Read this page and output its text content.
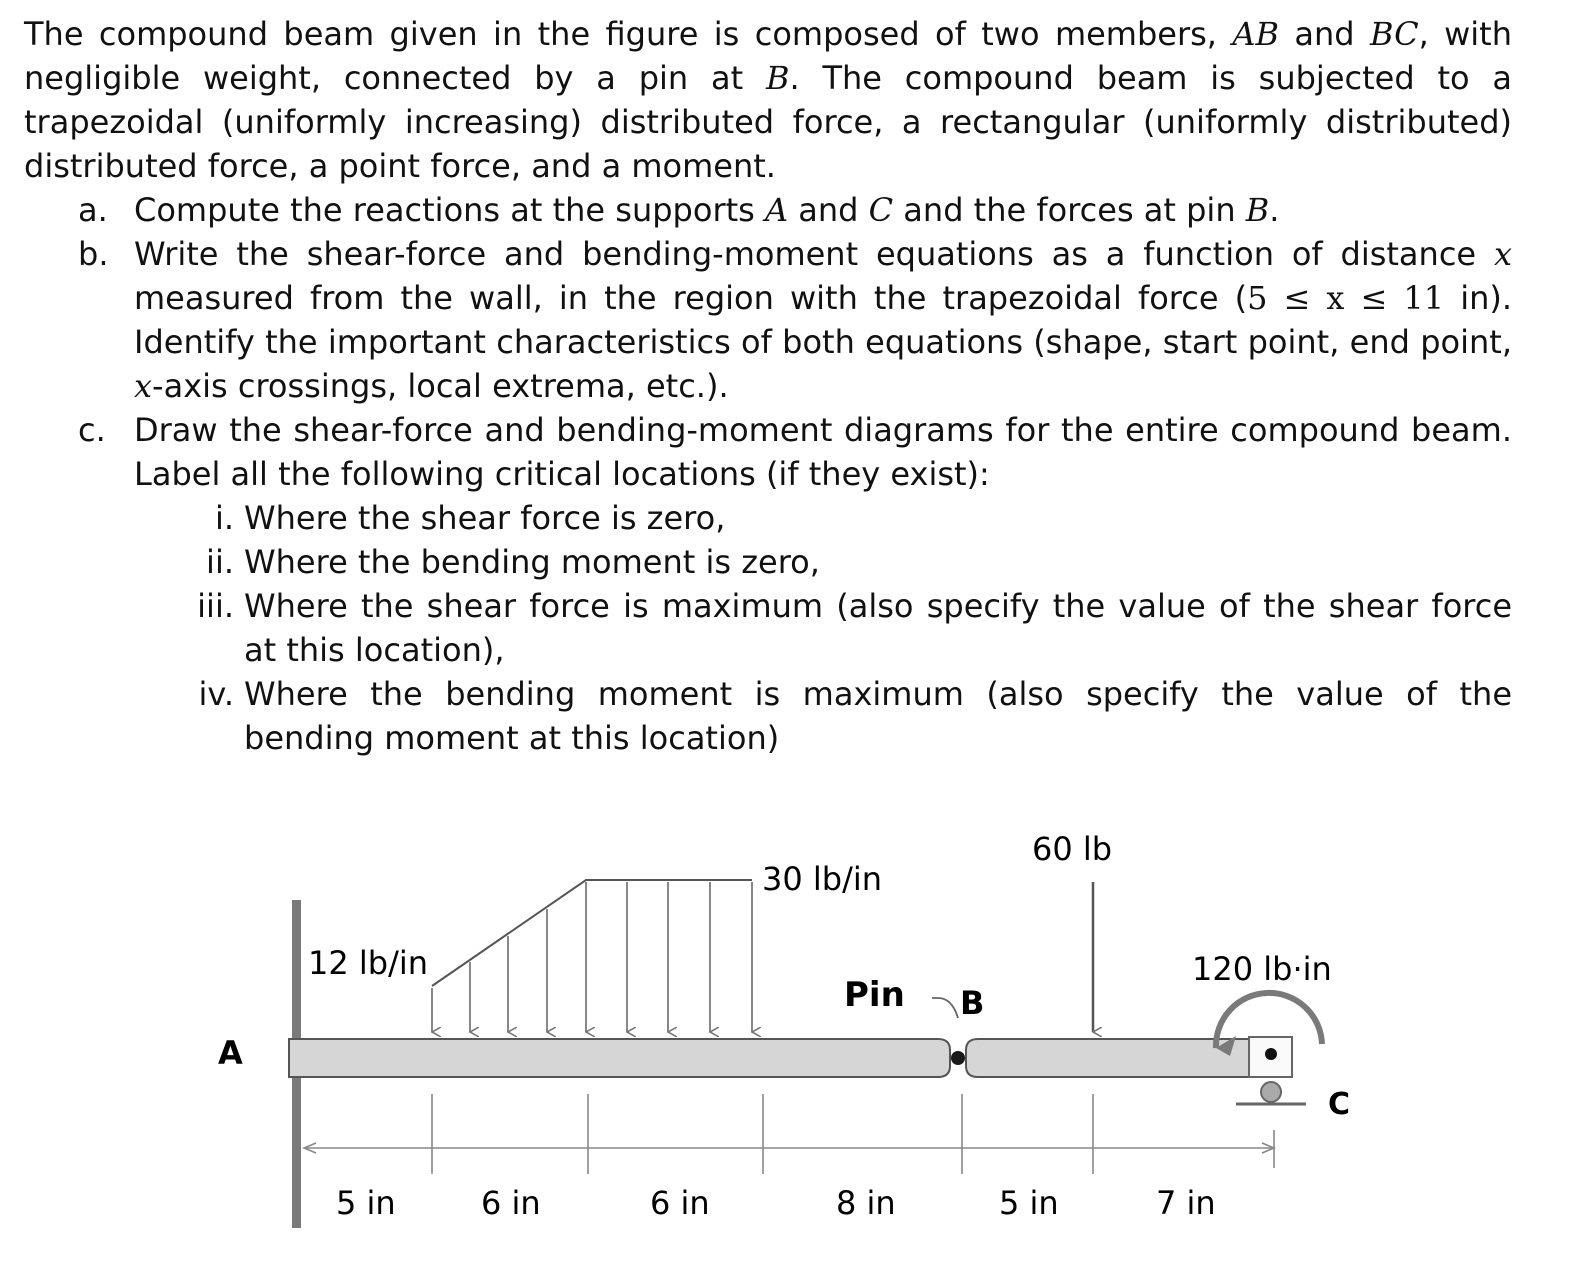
The compound beam given in the figure is composed of two members, AB and BC, with negligible weight, connected by a pin at B. The compound beam is subjected to a trapezoidal (uniformly increasing) distributed force, a rectangular (uniformly distributed) distributed force, a point force, and a moment.

a. Compute the reactions at the supports A and C and the forces at pin B.
b. Write the shear-force and bending-moment equations as a function of distance x measured from the wall, in the region with the trapezoidal force (5 ≤ x ≤ 11 in). Identify the important characteristics of both equations (shape, start point, end point, x-axis crossings, local extrema, etc.).
c. Draw the shear-force and bending-moment diagrams for the entire compound beam. Label all the following critical locations (if they exist):
i. Where the shear force is zero,
ii. Where the bending moment is zero,
iii. Where the shear force is maximum (also specify the value of the shear force at this location),
iv. Where the bending moment is maximum (also specify the value of the bending moment at this location)
A
12 lb/in
30 lb/in
Pin B
60 lb
120 lb·in
C
5 in	6 in	6 in	8 in	5 in	7 in
